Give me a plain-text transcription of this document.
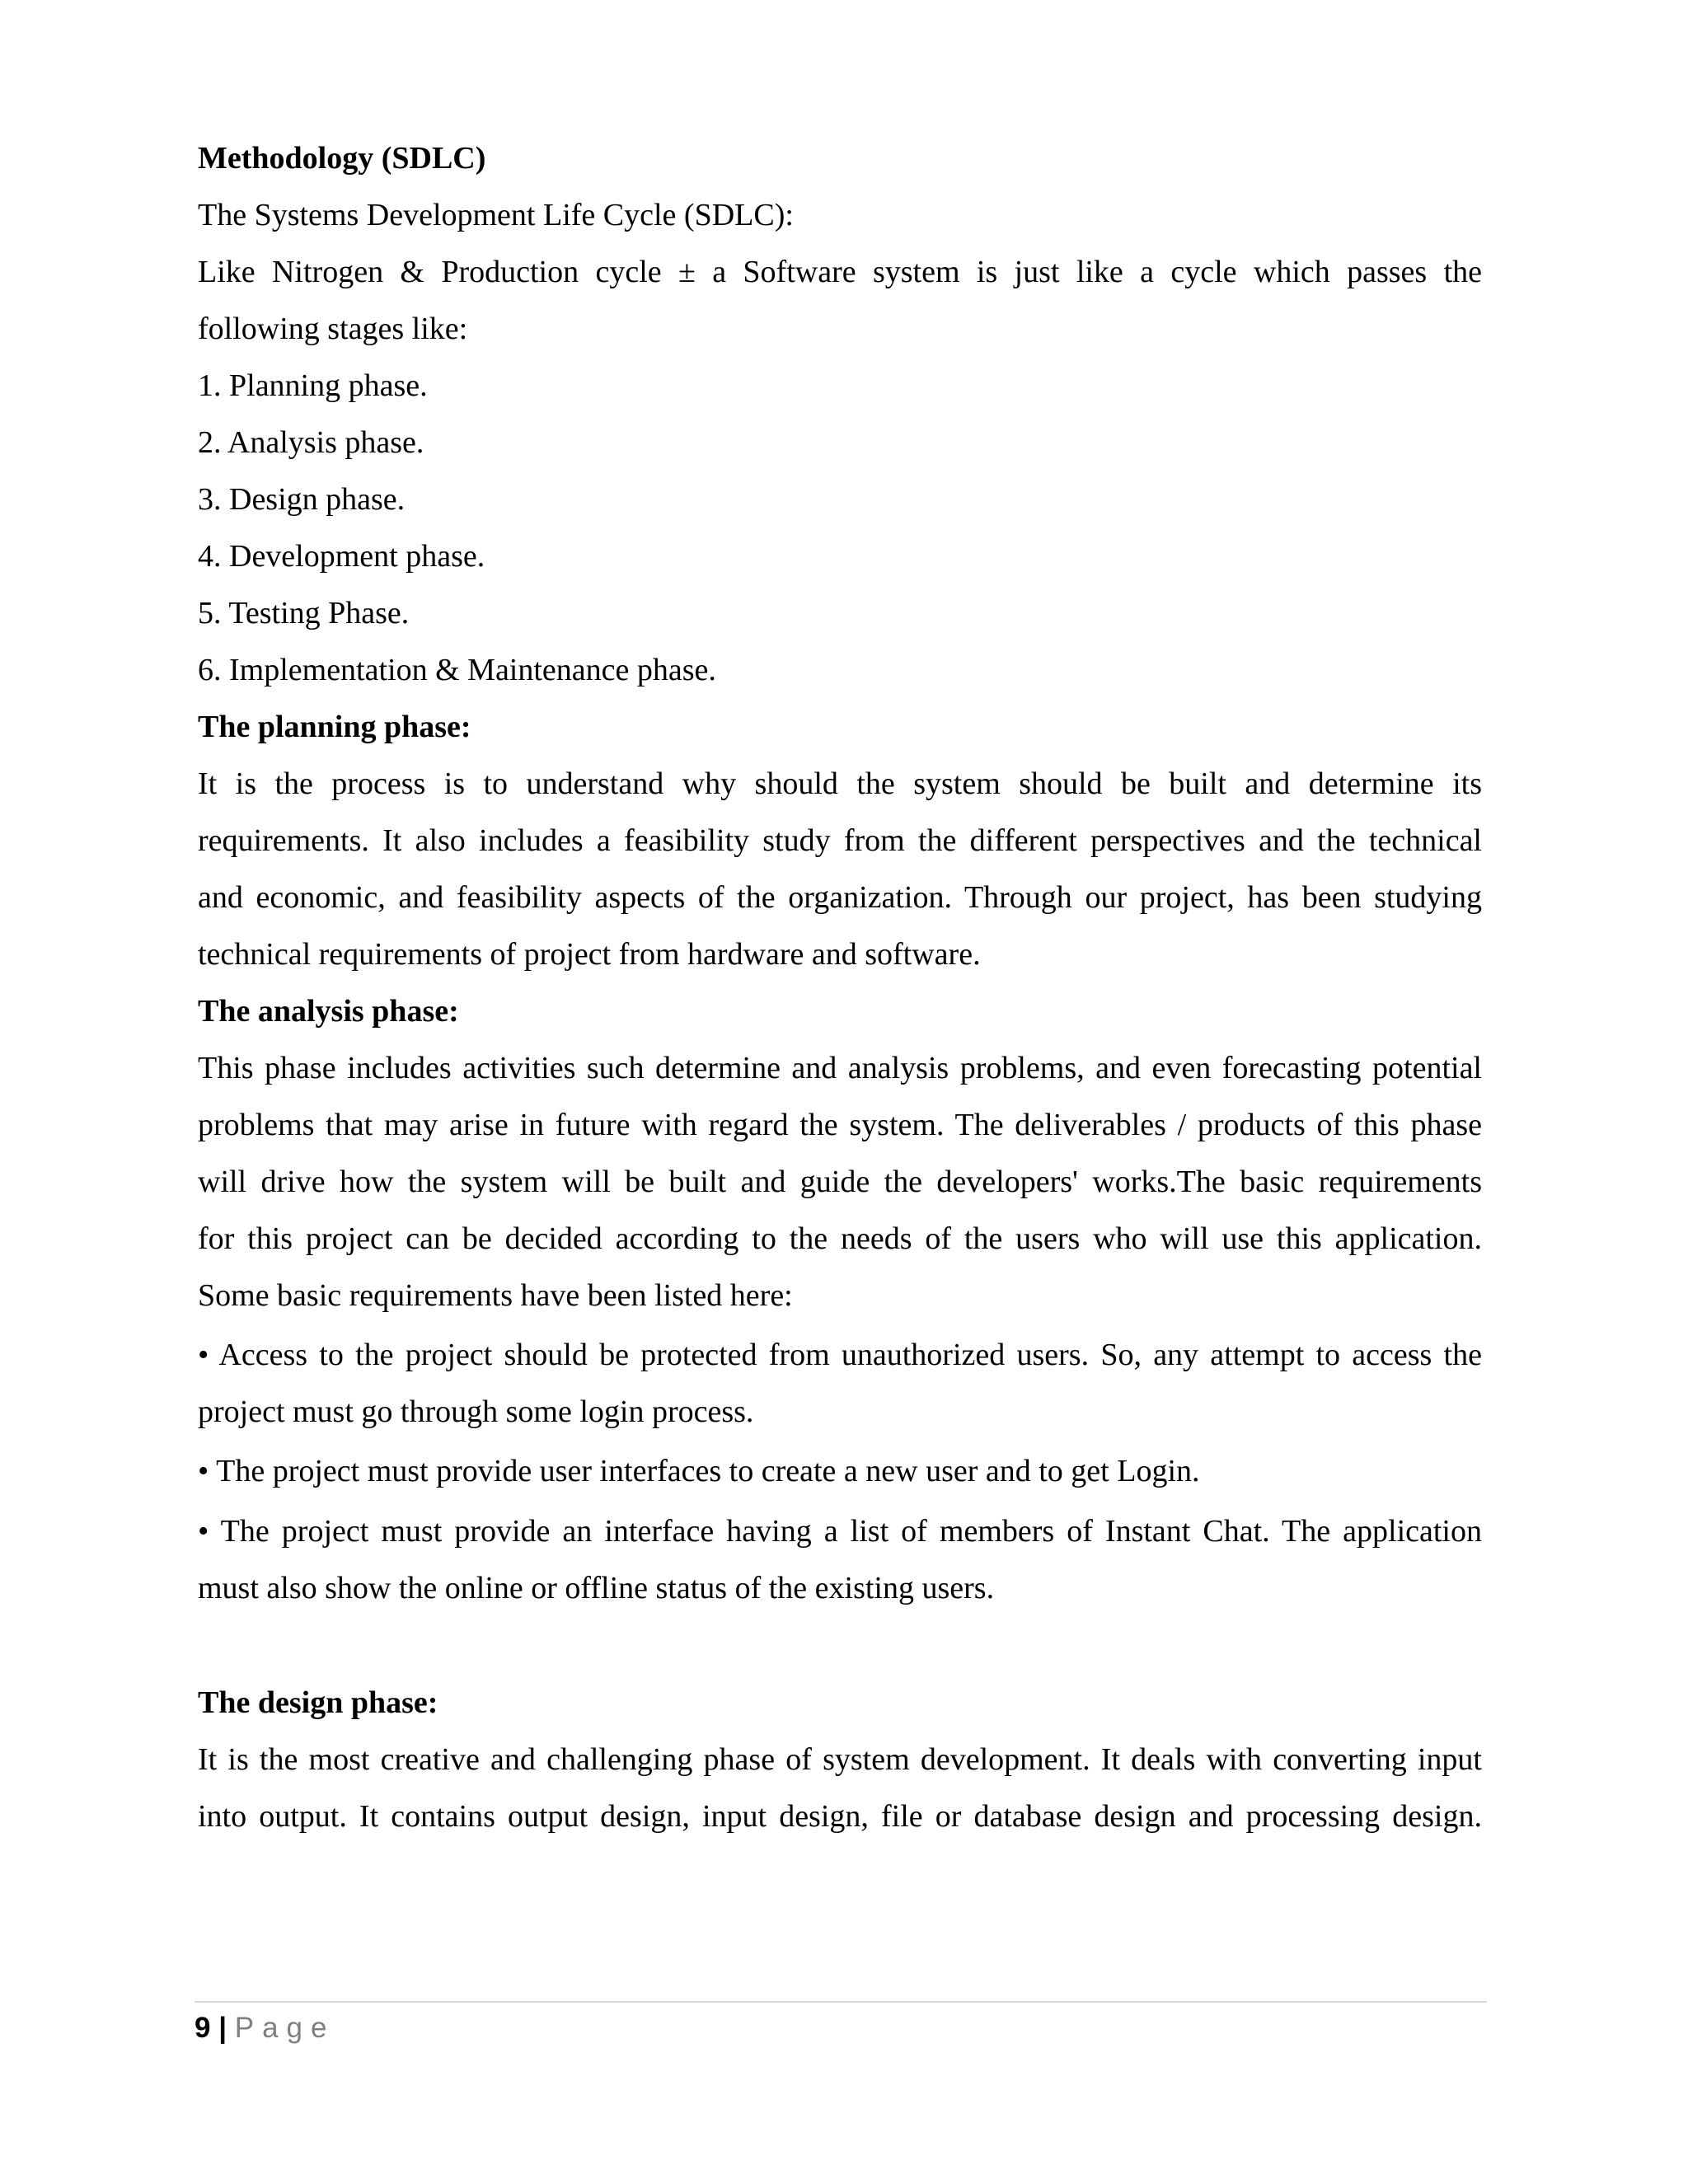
Methodology (SDLC)
The Systems Development Life Cycle (SDLC):
Like Nitrogen & Production cycle ± a Software system is just like a cycle which passes the
following stages like:
1. Planning phase.
2. Analysis phase.
3. Design phase.
4. Development phase.
5. Testing Phase.
6. Implementation & Maintenance phase.
The planning phase:
It is the process is to understand why should the system should be built and determine its
requirements. It also includes a feasibility study from the different perspectives and the technical
and economic, and feasibility aspects of the organization. Through our project, has been studying
technical requirements of project from hardware and software.
The analysis phase:
This phase includes activities such determine and analysis problems, and even forecasting potential
problems that may arise in future with regard the system. The deliverables / products of this phase
will drive how the system will be built and guide the developers' works.The basic requirements
for this project can be decided according to the needs of the users who will use this application.
Some basic requirements have been listed here:
• Access to the project should be protected from unauthorized users. So, any attempt to access the
project must go through some login process.
• The project must provide user interfaces to create a new user and to get Login.
• The project must provide an interface having a list of members of Instant Chat. The application
must also show the online or offline status of the existing users.
The design phase:
It is the most creative and challenging phase of system development. It deals with converting input
into output. It contains output design, input design, file or database design and processing design.
9 | Page
